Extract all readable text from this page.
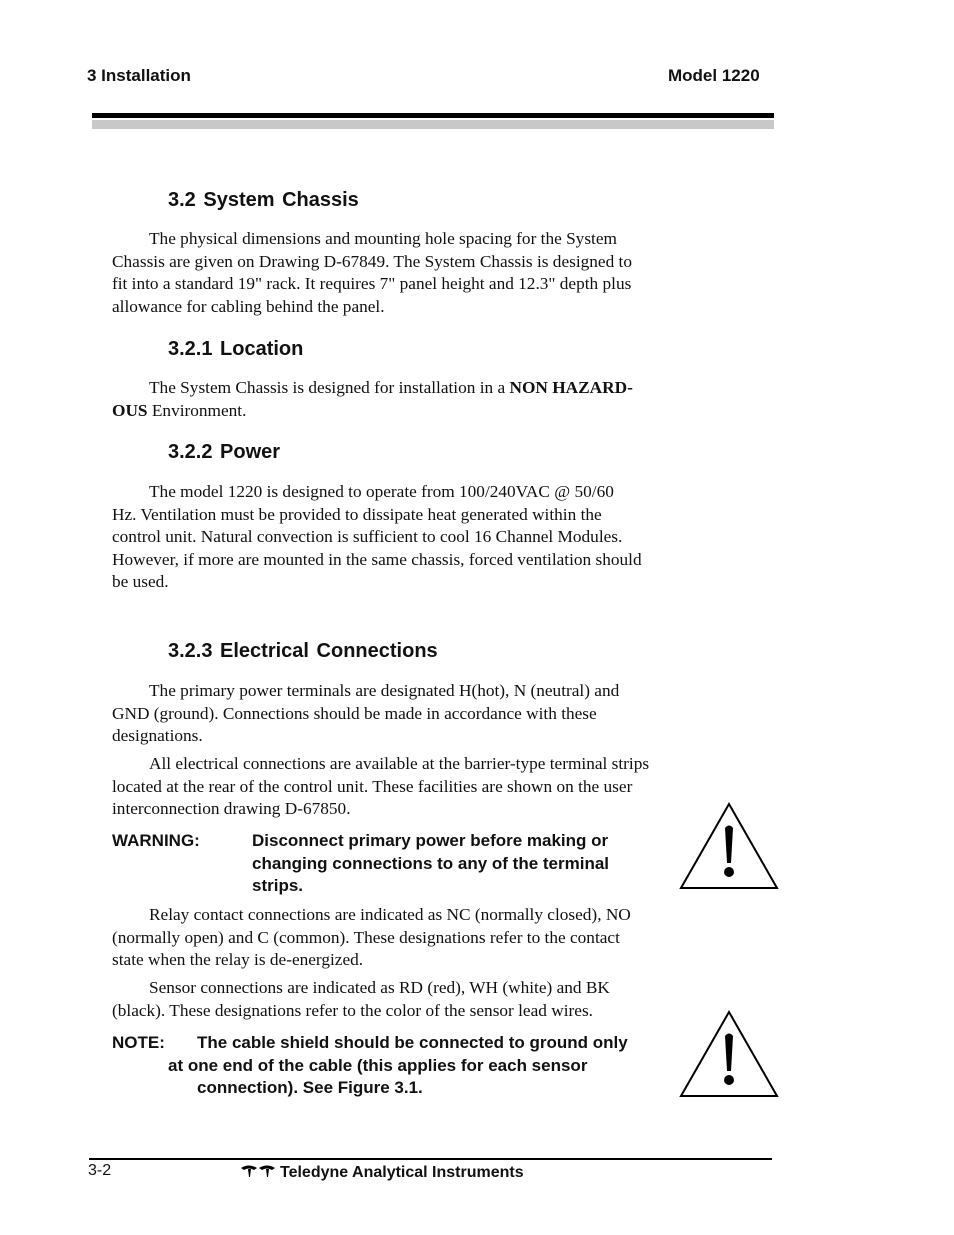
3 Installation	Model 1220
3.2 System Chassis
The physical dimensions and mounting hole spacing for the System
Chassis are given on Drawing D-67849. The System Chassis is designed to
fit into a standard 19" rack. It requires 7" panel height and 12.3" depth plus
allowance for cabling behind the panel.
3.2.1 Location
The System Chassis is designed for installation in a NON HAZARD-
OUS Environment.
3.2.2 Power
The model 1220 is designed to operate from 100/240VAC @ 50/60
Hz. Ventilation must be provided to dissipate heat generated within the
control unit. Natural convection is sufficient to cool 16 Channel Modules.
However, if more are mounted in the same chassis, forced ventilation should
be used.
3.2.3 Electrical Connections
The primary power terminals are designated H(hot), N (neutral) and
GND (ground). Connections should be made in accordance with these
designations.
All electrical connections are available at the barrier-type terminal strips
located at the rear of the control unit. These facilities are shown on the user
interconnection drawing D-67850.
WARNING:	Disconnect primary power before making or
changing connections to any of the terminal
strips.
Relay contact connections are indicated as NC (normally closed), NO
(normally open) and C (common). These designations refer to the contact
state when the relay is de-energized.
Sensor connections are indicated as RD (red), WH (white) and BK
(black). These designations refer to the color of the sensor lead wires.
NOTE: The cable shield should be connected to ground only
at one end of the cable (this applies for each sensor
connection). See Figure 3.1.
3-2	Teledyne Analytical Instruments
